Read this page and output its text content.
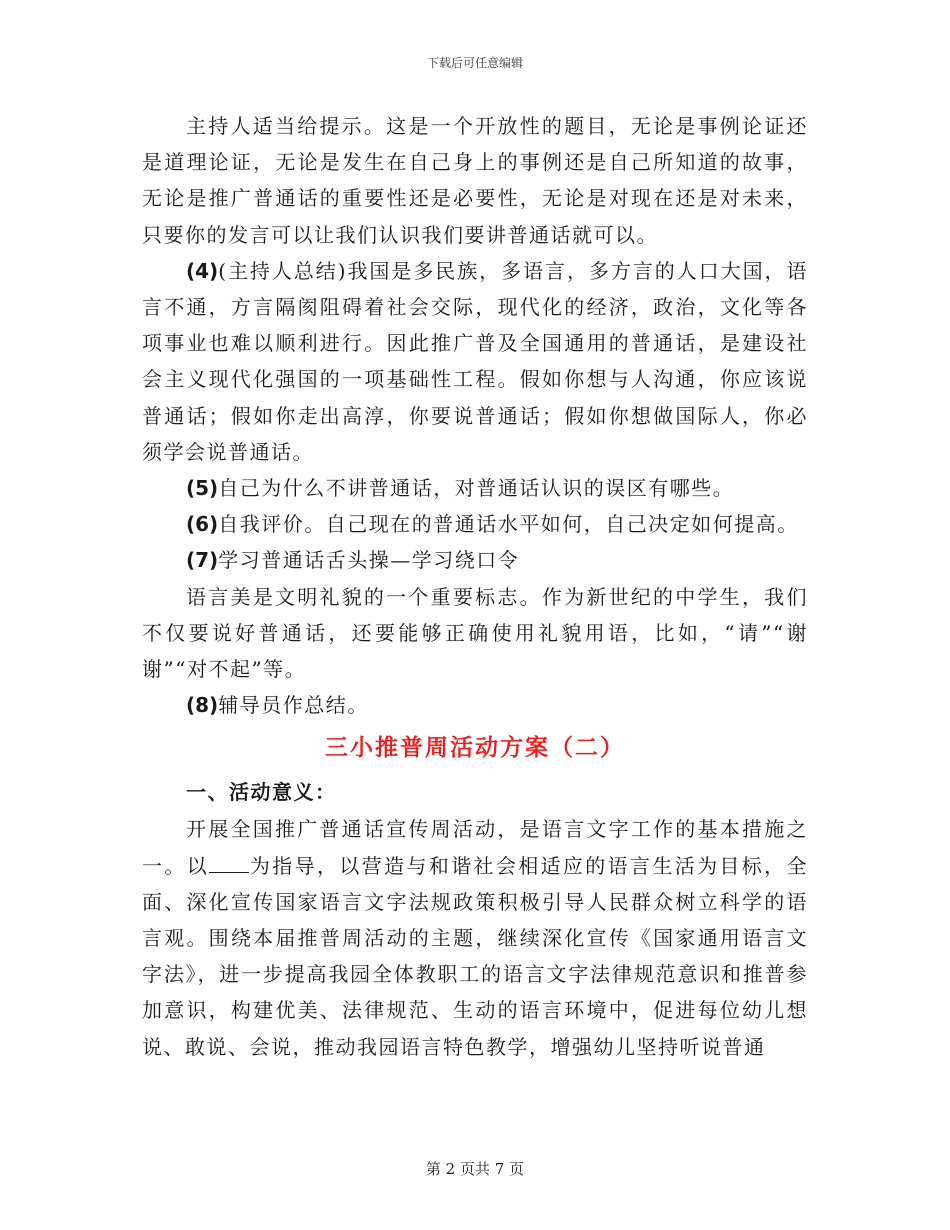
下载后可任意编辑

主持人适当给提示。这是一个开放性的题目，无论是事例论证还是道理论证，无论是发生在自己身上的事例还是自己所知道的故事，无论是推广普通话的重要性还是必要性，无论是对现在还是对未来，只要你的发言可以让我们认识我们要讲普通话就可以。

(4)(主持人总结)我国是多民族，多语言，多方言的人口大国，语言不通，方言隔阂阻碍着社会交际，现代化的经济，政治，文化等各项事业也难以顺利进行。因此推广普及全国通用的普通话，是建设社会主义现代化强国的一项基础性工程。假如你想与人沟通，你应该说普通话；假如你走出高淳，你要说普通话；假如你想做国际人，你必须学会说普通话。

(5)自己为什么不讲普通话，对普通话认识的误区有哪些。

(6)自我评价。自己现在的普通话水平如何，自己决定如何提高。

(7)学习普通话舌头操—学习绕口令

语言美是文明礼貌的一个重要标志。作为新世纪的中学生，我们不仅要说好普通话，还要能够正确使用礼貌用语，比如，“请”“谢谢”“对不起”等。

(8)辅导员作总结。

三小推普周活动方案（二）
一、活动意义：

开展全国推广普通话宣传周活动，是语言文字工作的基本措施之一。以 为指导，以营造与和谐社会相适应的语言生活为目标，全面、深化宣传国家语言文字法规政策积极引导人民群众树立科学的语言观。围绕本届推普周活动的主题，继续深化宣传《国家通用语言文字法》，进一步提高我园全体教职工的语言文字法律规范意识和推普参加意识，构建优美、法律规范、生动的语言环境中，促进每位幼儿想说、敢说、会说，推动我园语言特色教学，增强幼儿坚持听说普通

第 2 页共 7 页
